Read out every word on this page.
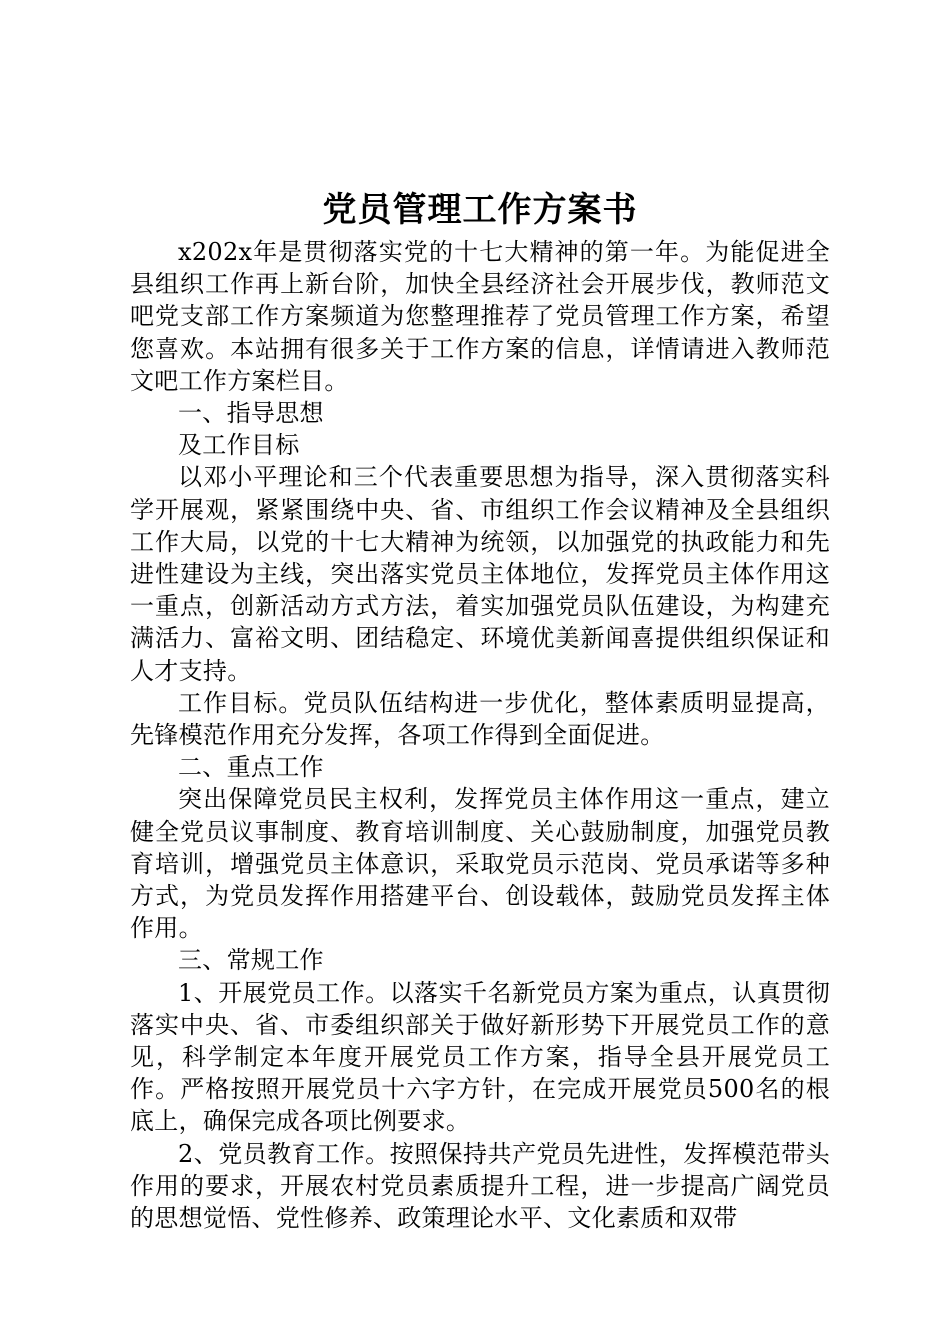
党员管理工作方案书

x202x年是贯彻落实党的十七大精神的第一年。为能促进全县组织工作再上新台阶，加快全县经济社会开展步伐，教师范文吧党支部工作方案频道为您整理推荐了党员管理工作方案，希望您喜欢。本站拥有很多关于工作方案的信息，详情请进入教师范文吧工作方案栏目。

一、指导思想

及工作目标

以邓小平理论和三个代表重要思想为指导，深入贯彻落实科学开展观，紧紧围绕中央、省、市组织工作会议精神及全县组织工作大局，以党的十七大精神为统领，以加强党的执政能力和先进性建设为主线，突出落实党员主体地位，发挥党员主体作用这一重点，创新活动方式方法，着实加强党员队伍建设，为构建充满活力、富裕文明、团结稳定、环境优美新闻喜提供组织保证和人才支持。

工作目标。党员队伍结构进一步优化，整体素质明显提高，先锋模范作用充分发挥，各项工作得到全面促进。

二、重点工作

突出保障党员民主权利，发挥党员主体作用这一重点，建立健全党员议事制度、教育培训制度、关心鼓励制度，加强党员教育培训，增强党员主体意识，采取党员示范岗、党员承诺等多种方式，为党员发挥作用搭建平台、创设载体，鼓励党员发挥主体作用。

三、常规工作

1、开展党员工作。以落实千名新党员方案为重点，认真贯彻落实中央、省、市委组织部关于做好新形势下开展党员工作的意见，科学制定本年度开展党员工作方案，指导全县开展党员工作。严格按照开展党员十六字方针，在完成开展党员500名的根底上，确保完成各项比例要求。

2、党员教育工作。按照保持共产党员先进性，发挥模范带头作用的要求，开展农村党员素质提升工程，进一步提高广阔党员的思想觉悟、党性修养、政策理论水平、文化素质和双带
